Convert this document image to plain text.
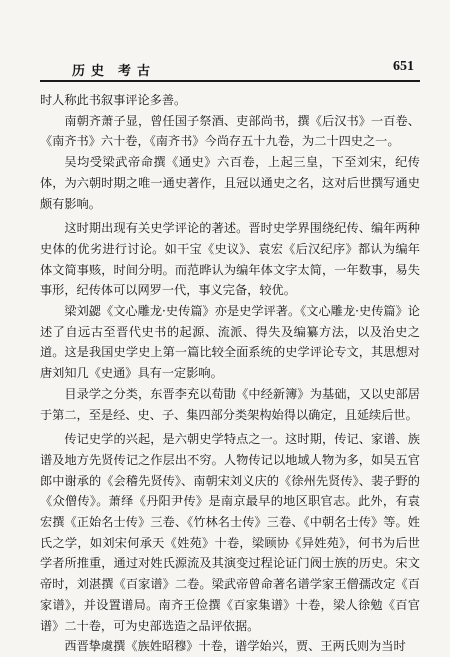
历史 考古	651

时人称此书叙事评论多善。

南朝齐萧子显，曾任国子祭酒、吏部尚书，撰《后汉书》一百卷、《南齐书》六十卷，《南齐书》今尚存五十九卷，为二十四史之一。

吴均受梁武帝命撰《通史》六百卷，上起三皇，下至刘宋，纪传体，为六朝时期之唯一通史著作，且冠以通史之名，这对后世撰写通史颇有影响。

这时期出现有关史学评论的著述。晋时史学界围绕纪传、编年两种史体的优劣进行讨论。如干宝《史议》、袁宏《后汉纪序》都认为编年体文简事赅，时间分明。而范晔认为编年体文字太简，一年数事，易失事形，纪传体可以网罗一代，事义完备，较优。

梁刘勰《文心雕龙·史传篇》亦是史学评著。《文心雕龙·史传篇》论述了自远古至晋代史书的起源、流派、得失及编纂方法，以及治史之道。这是我国史学史上第一篇比较全面系统的史学评论专文，其思想对唐刘知几《史通》具有一定影响。

目录学之分类，东晋李充以荀勖《中经新簿》为基础，又以史部居于第二，至是经、史、子、集四部分类架构始得以确定，且延续后世。

传记史学的兴起，是六朝史学特点之一。这时期，传记、家谱、族谱及地方先贤传记之作层出不穷。人物传记以地域人物为多，如吴五官郎中谢承的《会稽先贤传》、南朝宋刘义庆的《徐州先贤传》、裴子野的《众僧传》。萧绎《丹阳尹传》是南京最早的地区职官志。此外，有袁宏撰《正始名士传》三卷、《竹林名士传》三卷、《中朝名士传》等。姓氏之学，如刘宋何承天《姓苑》十卷，梁顾协《异姓苑》，何书为后世学者所推重，通过对姓氏源流及其演变过程论证门阀士族的历史。宋文帝时，刘湛撰《百家谱》二卷。梁武帝曾命著名谱学家王僧孺改定《百家谱》，并设置谱局。南齐王俭撰《百家集谱》十卷，梁人徐勉《百官谱》二十卷，可为史部选造之品评依据。

西晋挚虞撰《族姓昭穆》十卷，谱学始兴，贾、王两氏则为当时
